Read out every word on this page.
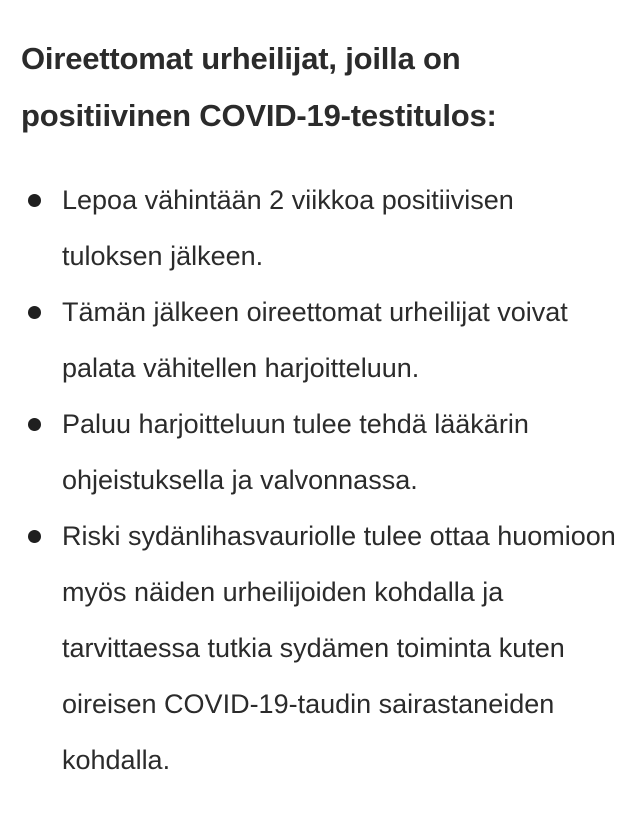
Oireettomat urheilijat, joilla on positiivinen COVID-19-testitulos:
Lepoa vähintään 2 viikkoa positiivisen tuloksen jälkeen.
Tämän jälkeen oireettomat urheilijat voivat palata vähitellen harjoitteluun.
Paluu harjoitteluun tulee tehdä lääkärin ohjeistuksella ja valvonnassa.
Riski sydänlihasvauriolle tulee ottaa huomioon myös näiden urheilijoiden kohdalla ja tarvittaessa tutkia sydämen toiminta kuten oireisen COVID-19-taudin sairastaneiden kohdalla.
